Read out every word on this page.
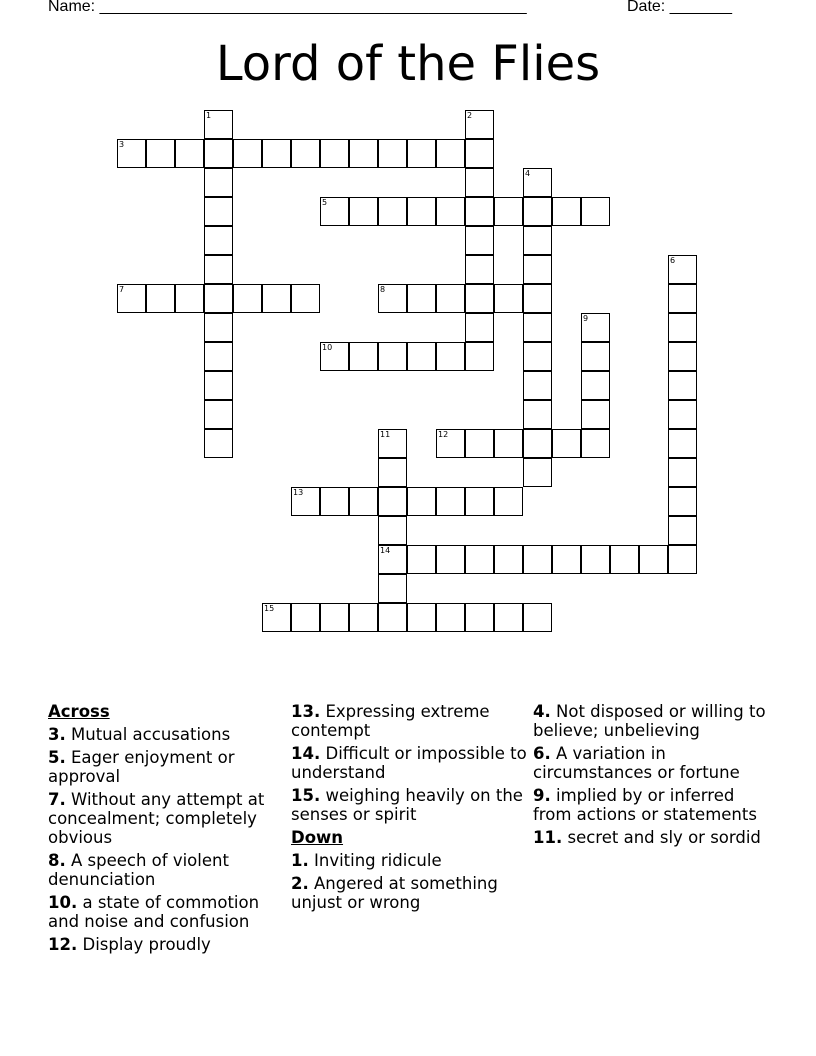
Name: ________________________________________________	Date: _______
Lord of the Flies
1	2
3
4
5
6
7	8
9
10
11
14
12
13
15
Across
3. Mutual accusations
5. Eager enjoyment or approval
7. Without any attempt at concealment; completely obvious
8. A speech of violent denunciation
10. a state of commotion and noise and confusion
12. Display proudly
13. Expressing extreme contempt
14. Difficult or impossible to understand
15. weighing heavily on the senses or spirit
Down
1. Inviting ridicule
2. Angered at something unjust or wrong
4. Not disposed or willing to believe; unbelieving
6. A variation in circumstances or fortune
9. implied by or inferred from actions or statements
11. secret and sly or sordid
